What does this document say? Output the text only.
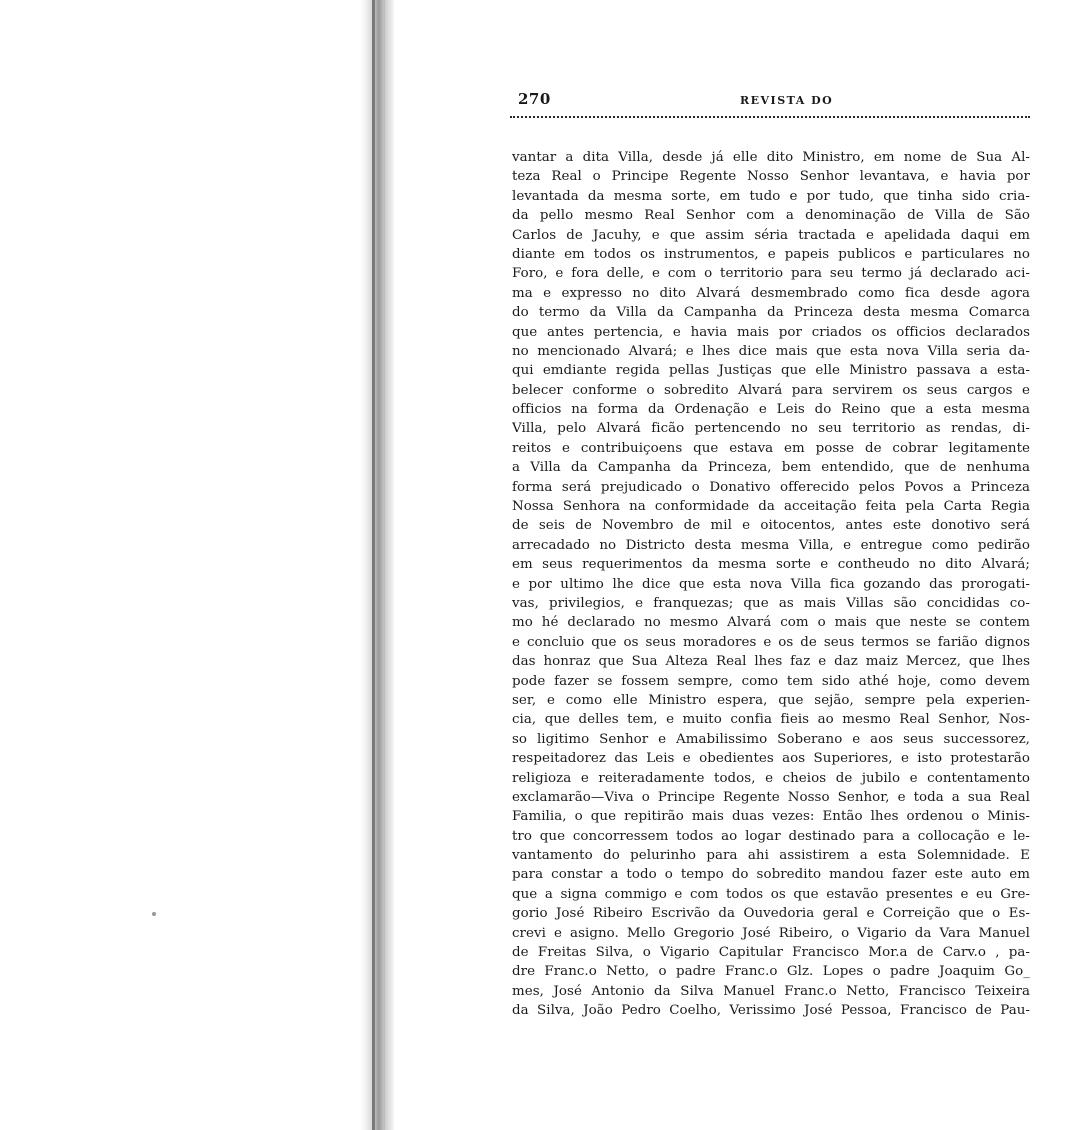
270	REVISTA DO
vantar a dita Villa, desde já elle dito Ministro, em nome de Sua Al-
teza Real o Principe Regente Nosso Senhor levantava, e havia por
levantada da mesma sorte, em tudo e por tudo, que tinha sido cria-
da pello mesmo Real Senhor com a denominação de Villa de São
Carlos de Jacuhy, e que assim séria tractada e apelidada daqui em
diante em todos os instrumentos, e papeis publicos e particulares no
Foro, e fora delle, e com o territorio para seu termo já declarado aci-
ma e expresso no dito Alvará desmembrado como fica desde agora
do termo da Villa da Campanha da Princeza desta mesma Comarca
que antes pertencia, e havia mais por criados os officios declarados
no mencionado Alvará; e lhes dice mais que esta nova Villa seria da-
qui emdiante regida pellas Justiças que elle Ministro passava a esta-
belecer conforme o sobredito Alvará para servirem os seus cargos e
officios na forma da Ordenação e Leis do Reino que a esta mesma
Villa, pelo Alvará ficão pertencendo no seu territorio as rendas, di-
reitos e contribuiçoens que estava em posse de cobrar legitamente
a Villa da Campanha da Princeza, bem entendido, que de nenhuma
forma será prejudicado o Donativo offerecido pelos Povos a Princeza
Nossa Senhora na conformidade da acceitação feita pela Carta Regia
de seis de Novembro de mil e oitocentos, antes este donotivo será
arrecadado no Districto desta mesma Villa, e entregue como pedirão
em seus requerimentos da mesma sorte e contheudo no dito Alvará;
e por ultimo lhe dice que esta nova Villa fica gozando das prorogati-
vas, privilegios, e franquezas; que as mais Villas são concididas co-
mo hé declarado no mesmo Alvará com o mais que neste se contem
e concluio que os seus moradores e os de seus termos se farião dignos
das honraz que Sua Alteza Real lhes faz e daz maiz Mercez, que lhes
pode fazer se fossem sempre, como tem sido athé hoje, como devem
ser, e como elle Ministro espera, que sejão, sempre pela experien-
cia, que delles tem, e muito confia fieis ao mesmo Real Senhor, Nos-
so ligitimo Senhor e Amabilissimo Soberano e aos seus successorez,
respeitadorez das Leis e obedientes aos Superiores, e isto protestarão
religioza e reiteradamente todos, e cheios de jubilo e contentamento
exclamarão—Viva o Principe Regente Nosso Senhor, e toda a sua Real
Familia, o que repitirão mais duas vezes: Então lhes ordenou o Minis-
tro que concorressem todos ao logar destinado para a collocação e le-
vantamento do pelurinho para ahi assistirem a esta Solemnidade. E
para constar a todo o tempo do sobredito mandou fazer este auto em
que a signa commigo e com todos os que estavão presentes e eu Gre-
gorio José Ribeiro Escrivão da Ouvedoria geral e Correição que o Es-
crevi e asigno. Mello Gregorio José Ribeiro, o Vigario da Vara Manuel
de Freitas Silva, o Vigario Capitular Francisco Mor.a de Carv.o , pa-
dre Franc.o Netto, o padre Franc.o Glz. Lopes o padre Joaquim Go_
mes, José Antonio da Silva Manuel Franc.o Netto, Francisco Teixeira
da Silva, João Pedro Coelho, Verissimo José Pessoa, Francisco de Pau-
